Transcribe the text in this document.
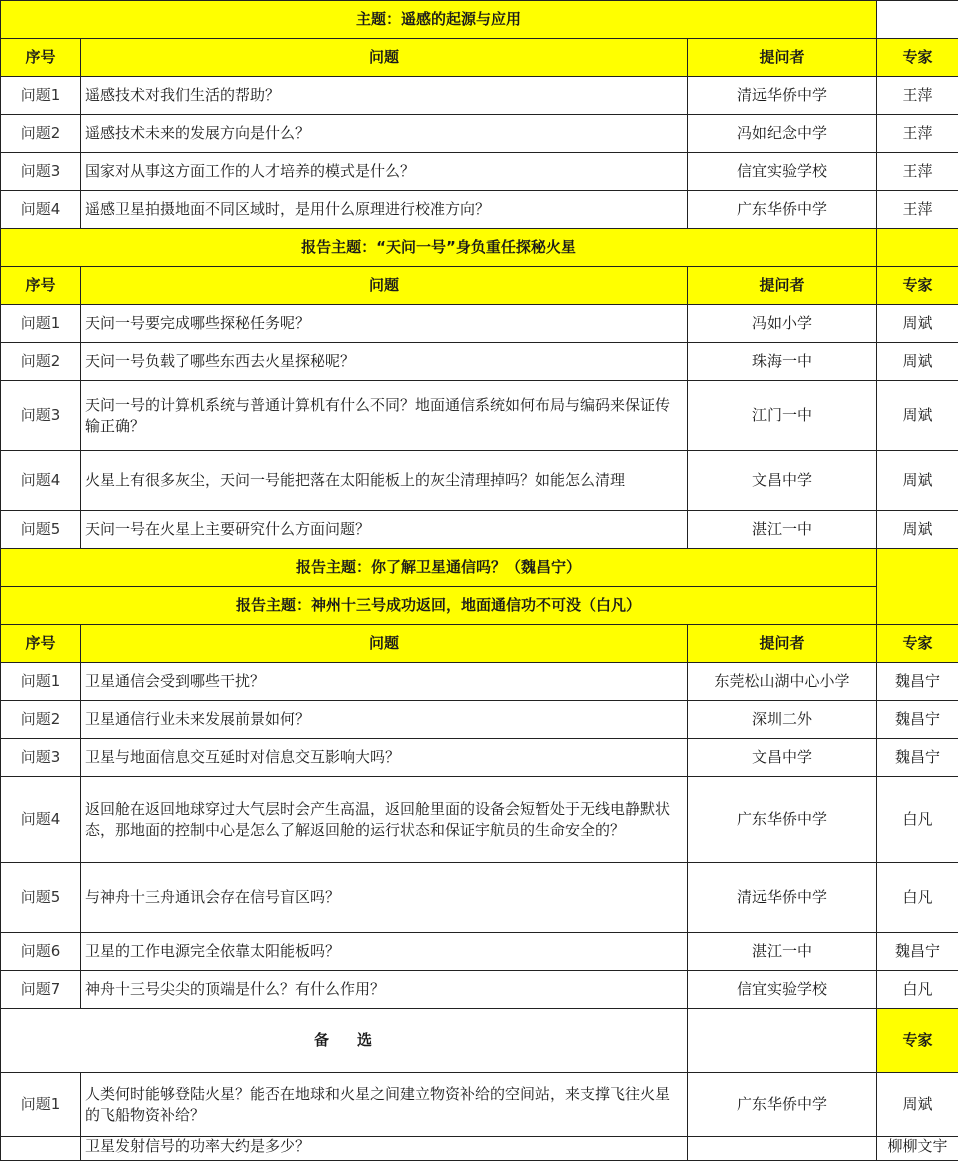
主题：遥感的起源与应用			
序号	问题	提问者	专家
问题1	遥感技术对我们生活的帮助？	清远华侨中学	王萍
问题2	遥感技术未来的发展方向是什么？	冯如纪念中学	王萍
问题3	国家对从事这方面工作的人才培养的模式是什么？	信宜实验学校	王萍
问题4	遥感卫星拍摄地面不同区域时，是用什么原理进行校准方向？	广东华侨中学	王萍
报告主题：“天问一号”身负重任探秘火星			
序号	问题	提问者	专家
问题1	天问一号要完成哪些探秘任务呢？	冯如小学	周斌
问题2	天问一号负载了哪些东西去火星探秘呢？	珠海一中	周斌
问题3	天问一号的计算机系统与普通计算机有什么不同？地面通信系统如何布局与编码来保证传输正确？	江门一中	周斌
问题4	火星上有很多灰尘，天问一号能把落在太阳能板上的灰尘清理掉吗？如能怎么清理	文昌中学	周斌
问题5	天问一号在火星上主要研究什么方面问题？	湛江一中	周斌
报告主题：你了解卫星通信吗？（魏昌宁）			
报告主题：神州十三号成功返回，地面通信功不可没（白凡）			
序号	问题	提问者	专家
问题1	卫星通信会受到哪些干扰？	东莞松山湖中心小学	魏昌宁
问题2	卫星通信行业未来发展前景如何？	深圳二外	魏昌宁
问题3	卫星与地面信息交互延时对信息交互影响大吗？	文昌中学	魏昌宁
问题4	返回舱在返回地球穿过大气层时会产生高温，返回舱里面的设备会短暂处于无线电静默状态，那地面的控制中心是怎么了解返回舱的运行状态和保证宇航员的生命安全的？	广东华侨中学	白凡
问题5	与神舟十三舟通讯会存在信号盲区吗？	清远华侨中学	白凡
问题6	卫星的工作电源完全依靠太阳能板吗？	湛江一中	魏昌宁
问题7	神舟十三号尖尖的顶端是什么？有什么作用？	信宜实验学校	白凡
备 选			专家
问题1	人类何时能够登陆火星？能否在地球和火星之间建立物资补给的空间站，来支撑飞往火星的飞船物资补给？	广东华侨中学	周斌
	卫星发射信号的功率大约是多少？		柳柳文宇
